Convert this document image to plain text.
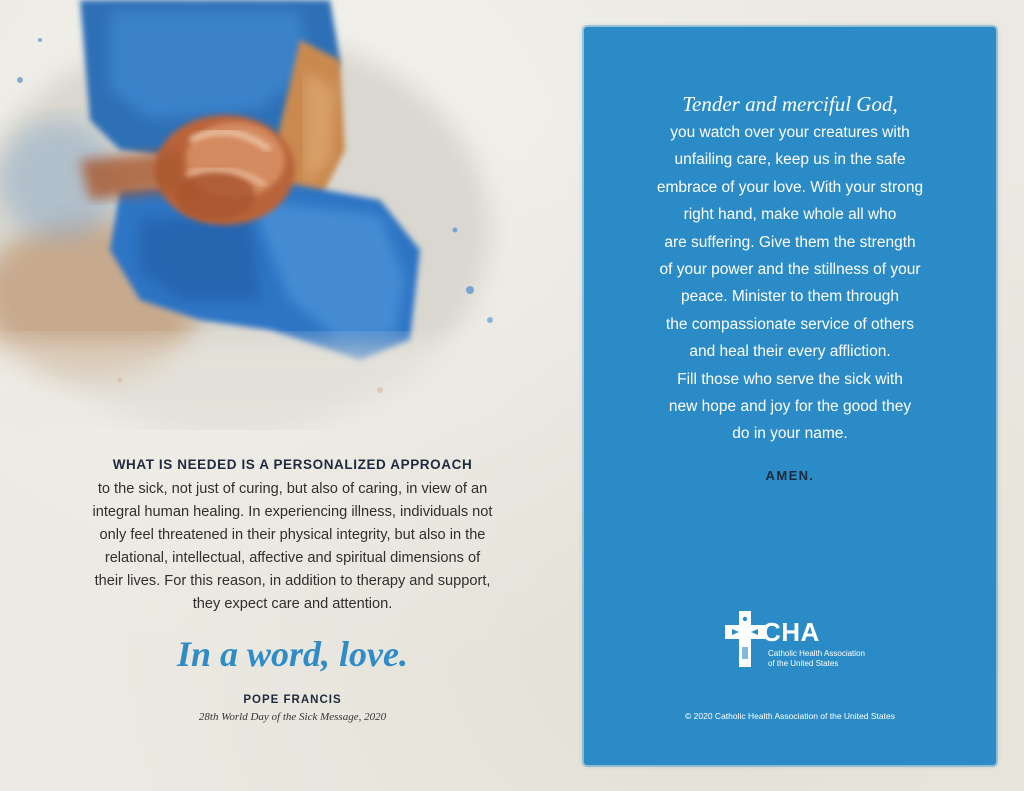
WHAT IS NEEDED IS A PERSONALIZED APPROACH
to the sick, not just of curing, but also of caring, in view of an
integral human healing. In experiencing illness, individuals not
only feel threatened in their physical integrity, but also in the
relational, intellectual, affective and spiritual dimensions of
their lives. For this reason, in addition to therapy and support,
they expect care and attention.
In a word, love.
POPE FRANCIS
28th World Day of the Sick Message, 2020
Tender and merciful God,
you watch over your creatures with
unfailing care, keep us in the safe
embrace of your love. With your strong
right hand, make whole all who
are suffering. Give them the strength
of your power and the stillness of your
peace. Minister to them through
the compassionate service of others
and heal their every affliction.
Fill those who serve the sick with
new hope and joy for the good they
do in your name.
AMEN.
CHA
Catholic Health Association
of the United States
© 2020 Catholic Health Association of the United States
